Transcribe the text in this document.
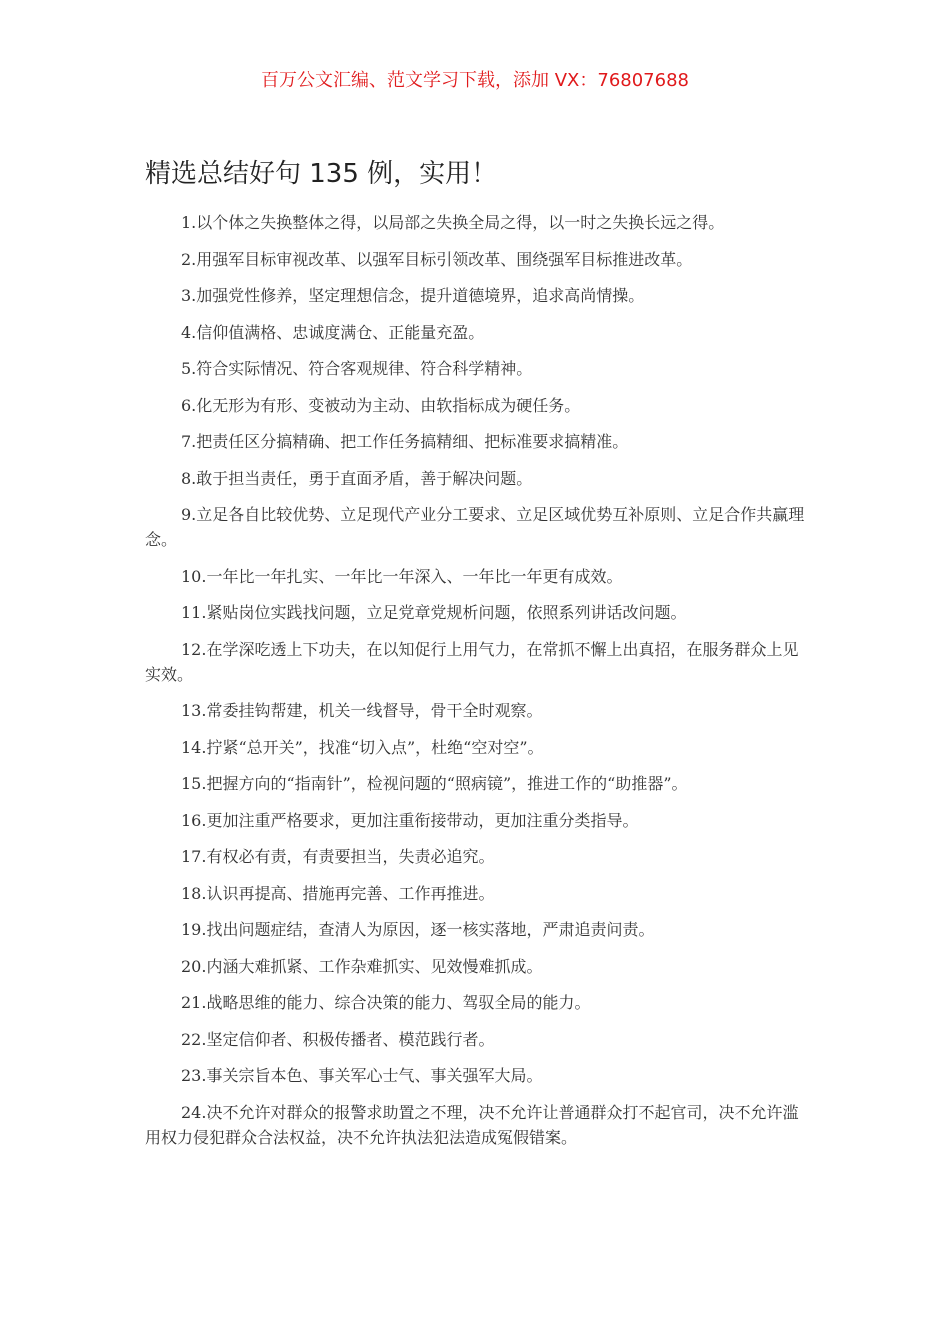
百万公文汇编、范文学习下载，添加 VX：76807688
精选总结好句 135 例，实用！
1.以个体之失换整体之得，以局部之失换全局之得，以一时之失换长远之得。
2.用强军目标审视改革、以强军目标引领改革、围绕强军目标推进改革。
3.加强党性修养，坚定理想信念，提升道德境界，追求高尚情操。
4.信仰值满格、忠诚度满仓、正能量充盈。
5.符合实际情况、符合客观规律、符合科学精神。
6.化无形为有形、变被动为主动、由软指标成为硬任务。
7.把责任区分搞精确、把工作任务搞精细、把标准要求搞精准。
8.敢于担当责任，勇于直面矛盾，善于解决问题。
9.立足各自比较优势、立足现代产业分工要求、立足区域优势互补原则、立足合作共赢理念。
10.一年比一年扎实、一年比一年深入、一年比一年更有成效。
11.紧贴岗位实践找问题，立足党章党规析问题，依照系列讲话改问题。
12.在学深吃透上下功夫，在以知促行上用气力，在常抓不懈上出真招，在服务群众上见实效。
13.常委挂钩帮建，机关一线督导，骨干全时观察。
14.拧紧“总开关”，找准“切入点”，杜绝“空对空”。
15.把握方向的“指南针”，检视问题的“照病镜”，推进工作的“助推器”。
16.更加注重严格要求，更加注重衔接带动，更加注重分类指导。
17.有权必有责，有责要担当，失责必追究。
18.认识再提高、措施再完善、工作再推进。
19.找出问题症结，查清人为原因，逐一核实落地，严肃追责问责。
20.内涵大难抓紧、工作杂难抓实、见效慢难抓成。
21.战略思维的能力、综合决策的能力、驾驭全局的能力。
22.坚定信仰者、积极传播者、模范践行者。
23.事关宗旨本色、事关军心士气、事关强军大局。
24.决不允许对群众的报警求助置之不理，决不允许让普通群众打不起官司，决不允许滥用权力侵犯群众合法权益，决不允许执法犯法造成冤假错案。
